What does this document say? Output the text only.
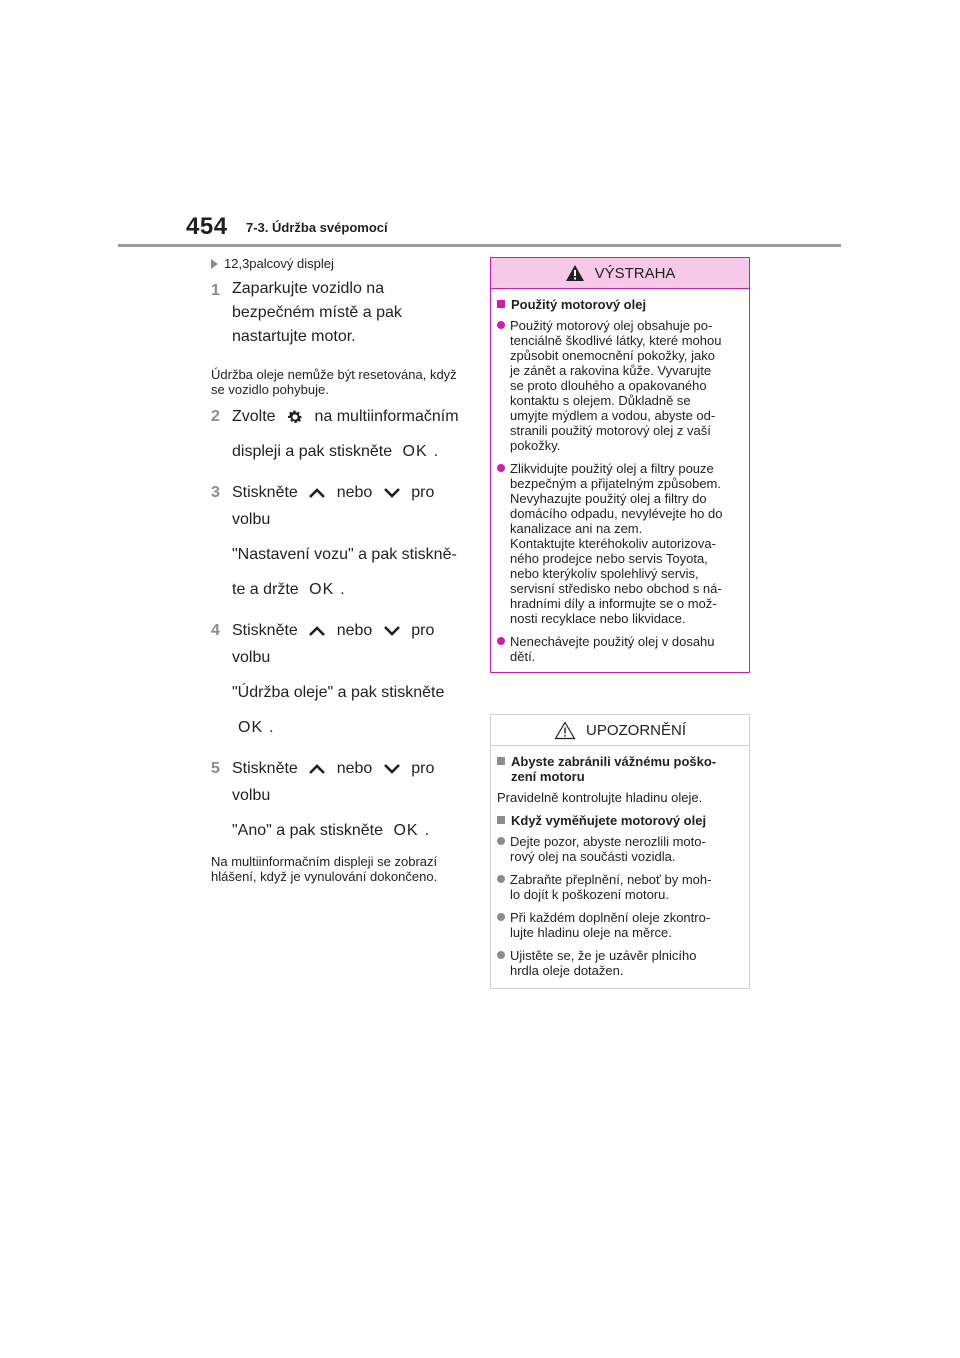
454 7-3. Údržba svépomocí
12,3palcový displej
1 Zaparkujte vozidlo na bezpečném místě a pak nastartujte motor.

Údržba oleje nemůže být resetována, když se vozidlo pohybuje.
2 Zvolte na multiinformačním

displeji a pak stiskněte OK .

3 Stiskněte nebo pro volbu

"Nastavení vozu" a pak stiskně-

te a držte OK .

4 Stiskněte nebo pro volbu

"Údržba oleje" a pak stiskněte

OK .

5 Stiskněte nebo pro volbu

"Ano" a pak stiskněte OK .

Na multiinformačním displeji se zobrazí hlášení, když je vynulování dokončeno.
VÝSTRAHA
Použitý motorový olej
Použitý motorový olej obsahuje po-
tenciálně škodlivé látky, které mohou
způsobit onemocnění pokožky, jako
je zánět a rakovina kůže. Vyvarujte
se proto dlouhého a opakovaného
kontaktu s olejem. Důkladně se
umyjte mýdlem a vodou, abyste od-
stranili použitý motorový olej z vaší
pokožky.
Zlikvidujte použitý olej a filtry pouze
bezpečným a přijatelným způsobem.
Nevyhazujte použitý olej a filtry do
domácího odpadu, nevylévejte ho do
kanalizace ani na zem.
Kontaktujte kteréhokoliv autorizova-
ného prodejce nebo servis Toyota,
nebo kterýkoliv spolehlivý servis,
servisní středisko nebo obchod s ná-
hradními díly a informujte se o mož-
nosti recyklace nebo likvidace.
Nenechávejte použitý olej v dosahu
dětí.
UPOZORNĚNÍ
Abyste zabránili vážnému poško-
zení motoru

Pravidelně kontrolujte hladinu oleje.

Když vyměňujete motorový olej
Dejte pozor, abyste nerozlili moto-
rový olej na součásti vozidla.
Zabraňte přeplnění, neboť by moh-
lo dojít k poškození motoru.
Při každém doplnění oleje zkontro-
lujte hladinu oleje na měrce.
Ujistěte se, že je uzávěr plnicího
hrdla oleje dotažen.
